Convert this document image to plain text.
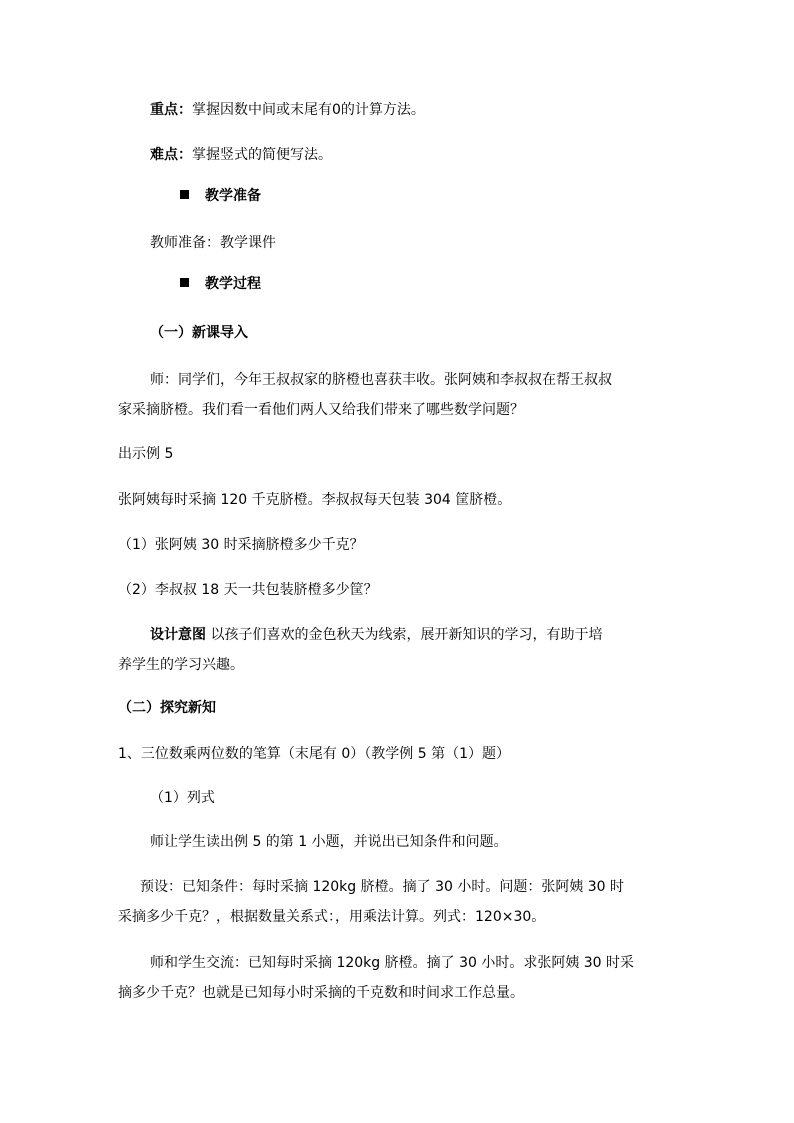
重点：掌握因数中间或末尾有0的计算方法。
难点：掌握竖式的简便写法。
教学准备
教师准备：教学课件
教学过程
（一）新课导入
师：同学们，今年王叔叔家的脐橙也喜获丰收。张阿姨和李叔叔在帮王叔叔
家采摘脐橙。我们看一看他们两人又给我们带来了哪些数学问题？
出示例 5
张阿姨每时采摘 120 千克脐橙。李叔叔每天包装 304 筐脐橙。
（1）张阿姨 30 时采摘脐橙多少千克？
（2）李叔叔 18 天一共包装脐橙多少筐？
设计意图 以孩子们喜欢的金色秋天为线索，展开新知识的学习，有助于培
养学生的学习兴趣。
（二）探究新知
1、三位数乘两位数的笔算（末尾有 0）（教学例 5 第（1）题）
（1）列式
师让学生读出例 5 的第 1 小题，并说出已知条件和问题。
预设：已知条件：每时采摘 120kg 脐橙。摘了 30 小时。问题：张阿姨 30 时
采摘多少千克？，根据数量关系式：，用乘法计算。列式：120×30。
师和学生交流：已知每时采摘 120kg 脐橙。摘了 30 小时。求张阿姨 30 时采
摘多少千克？也就是已知每小时采摘的千克数和时间求工作总量。
